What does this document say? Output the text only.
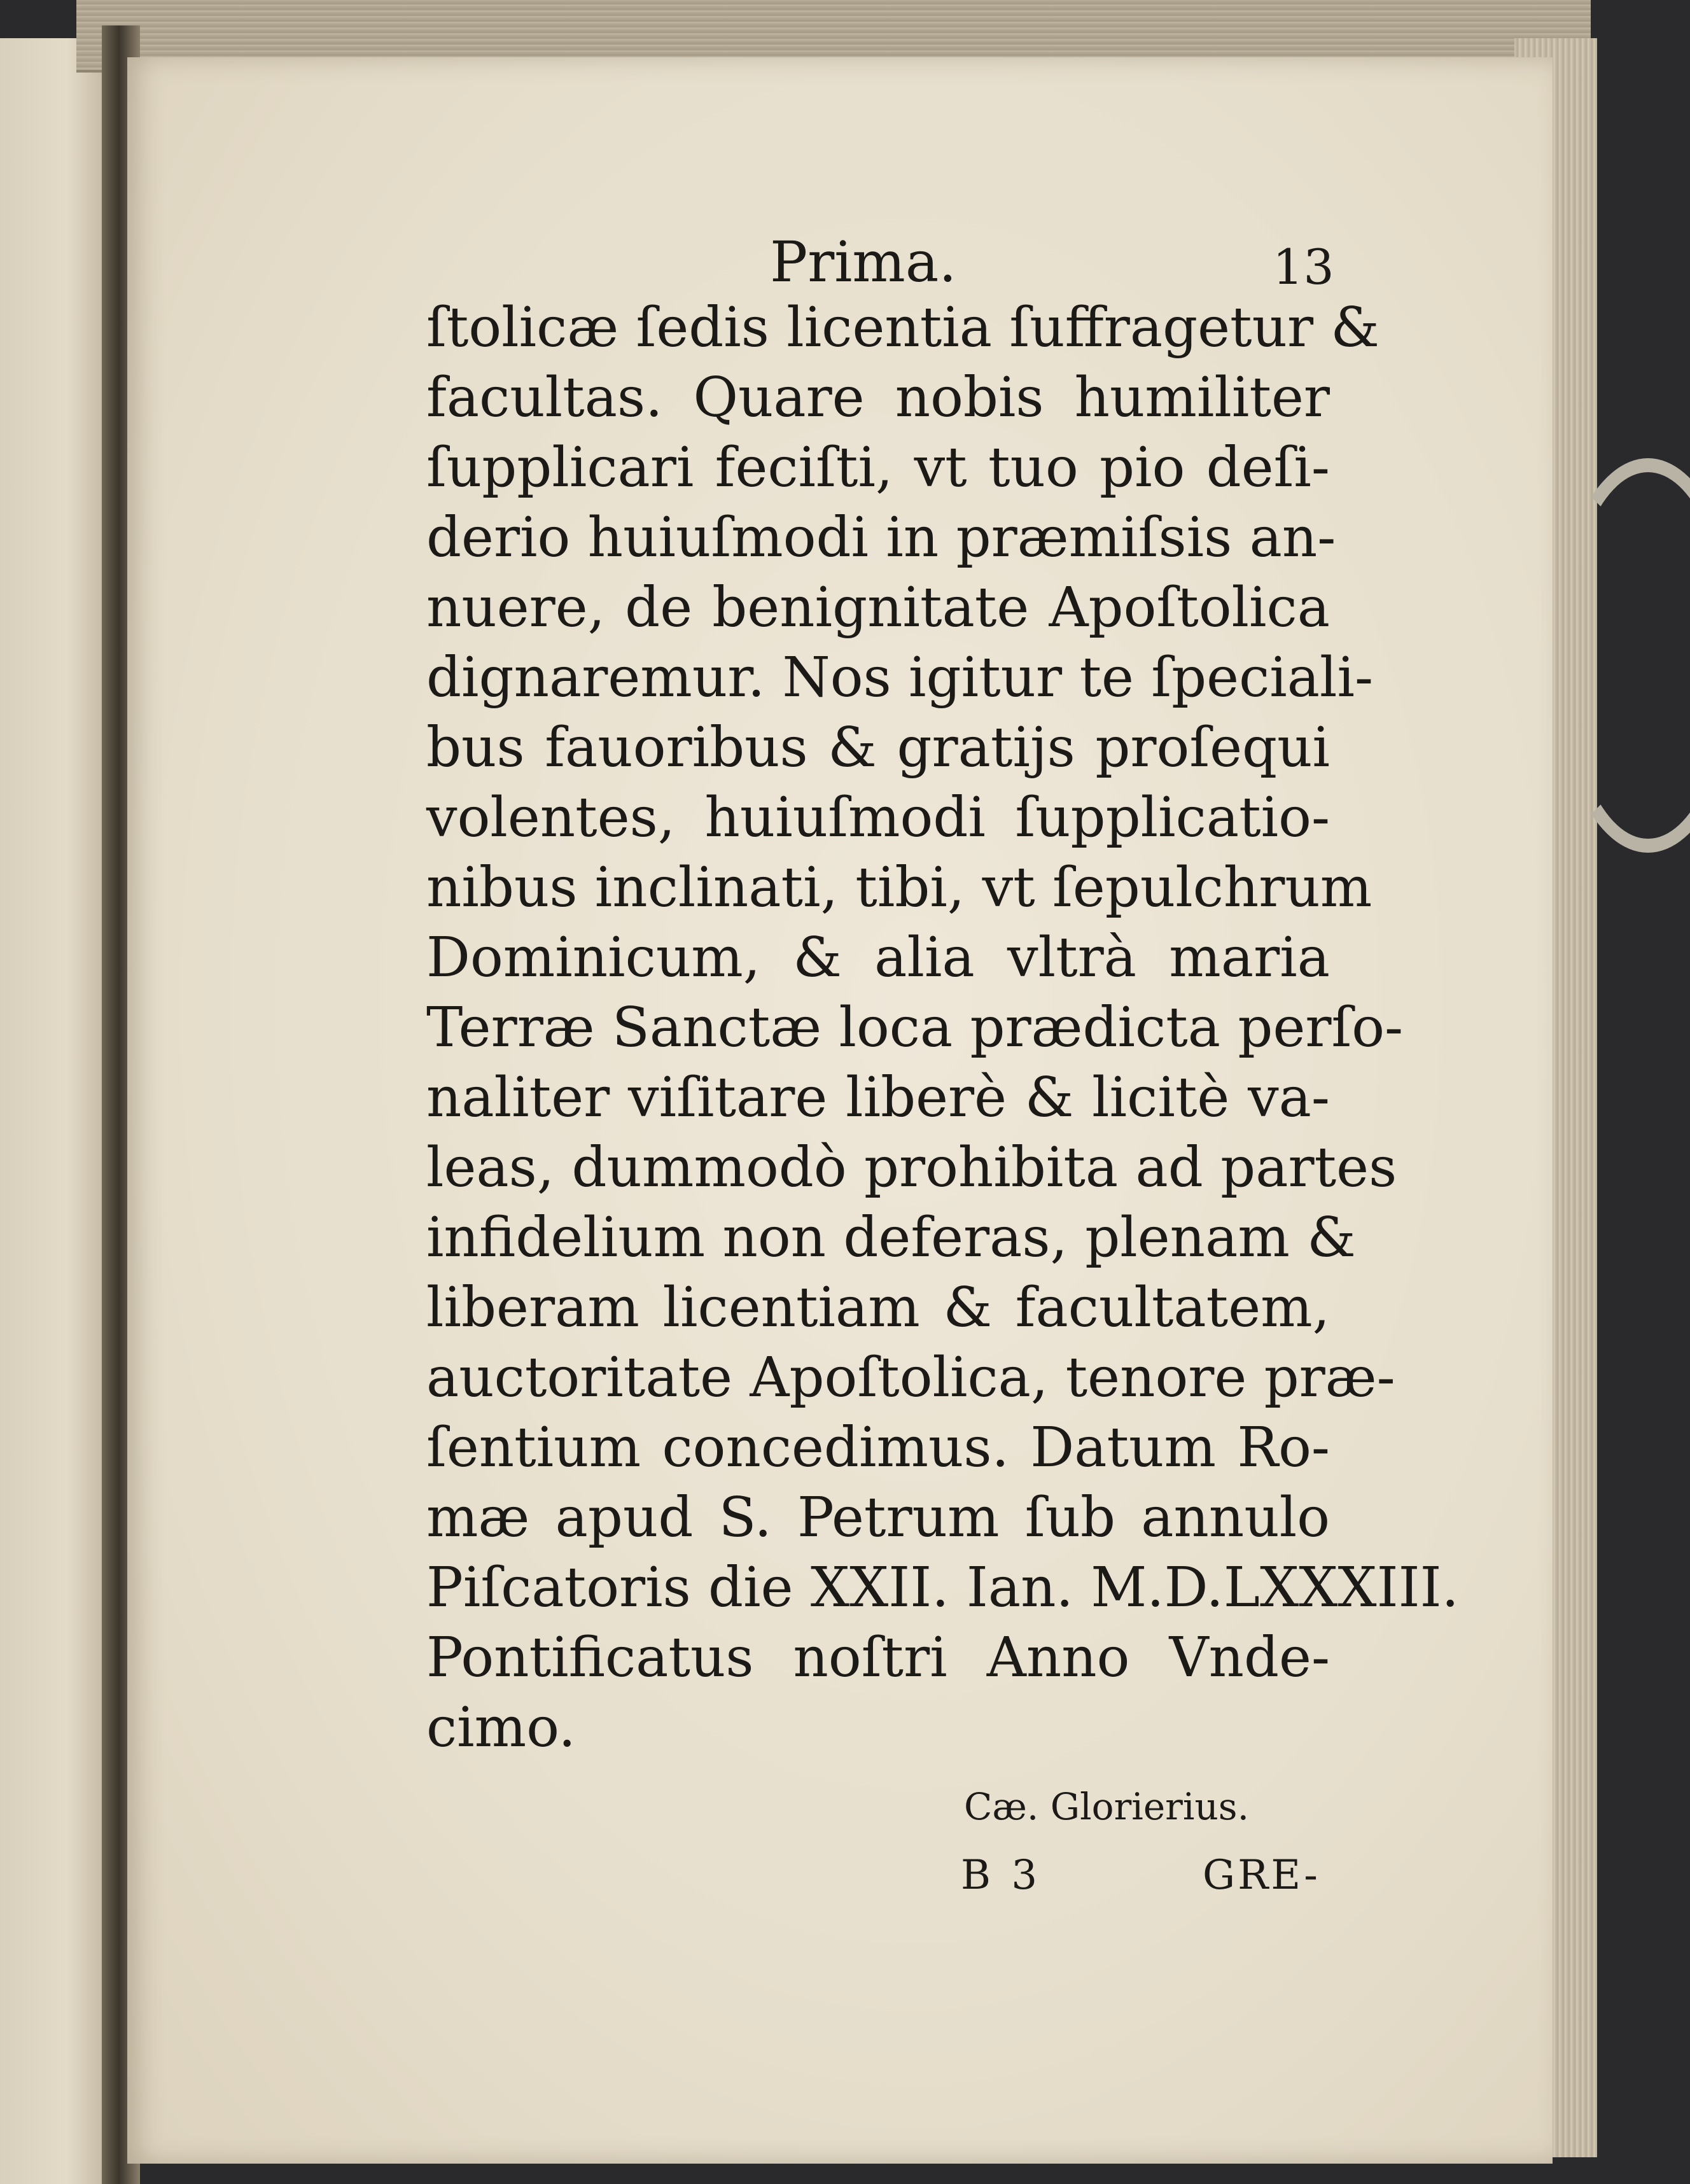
Prima.	13
ſtolicæ ſedis licentia ſuffragetur &
facultas. Quare nobis humiliter
ſupplicari feciſti, vt tuo pio deſi-
derio huiuſmodi in præmiſsis an-
nuere, de benignitate Apoſtolica
dignaremur. Nos igitur te ſpeciali-
bus fauoribus & gratijs proſequi
volentes, huiuſmodi ſupplicatio-
nibus inclinati, tibi, vt ſepulchrum
Dominicum, & alia vltrà maria
Terræ Sanctæ loca prædicta perſo-
naliter viſitare liberè & licitè va-
leas, dummodò prohibita ad partes
infidelium non deferas, plenam &
liberam licentiam & facultatem,
auctoritate Apoſtolica, tenore præ-
ſentium concedimus. Datum Ro-
mæ apud S. Petrum ſub annulo
Piſcatoris die XXII. Ian. M.D.LXXXIII.
Pontificatus noſtri Anno Vnde-
cimo.
Cæ. Glorierius.
B 3	GRE-
